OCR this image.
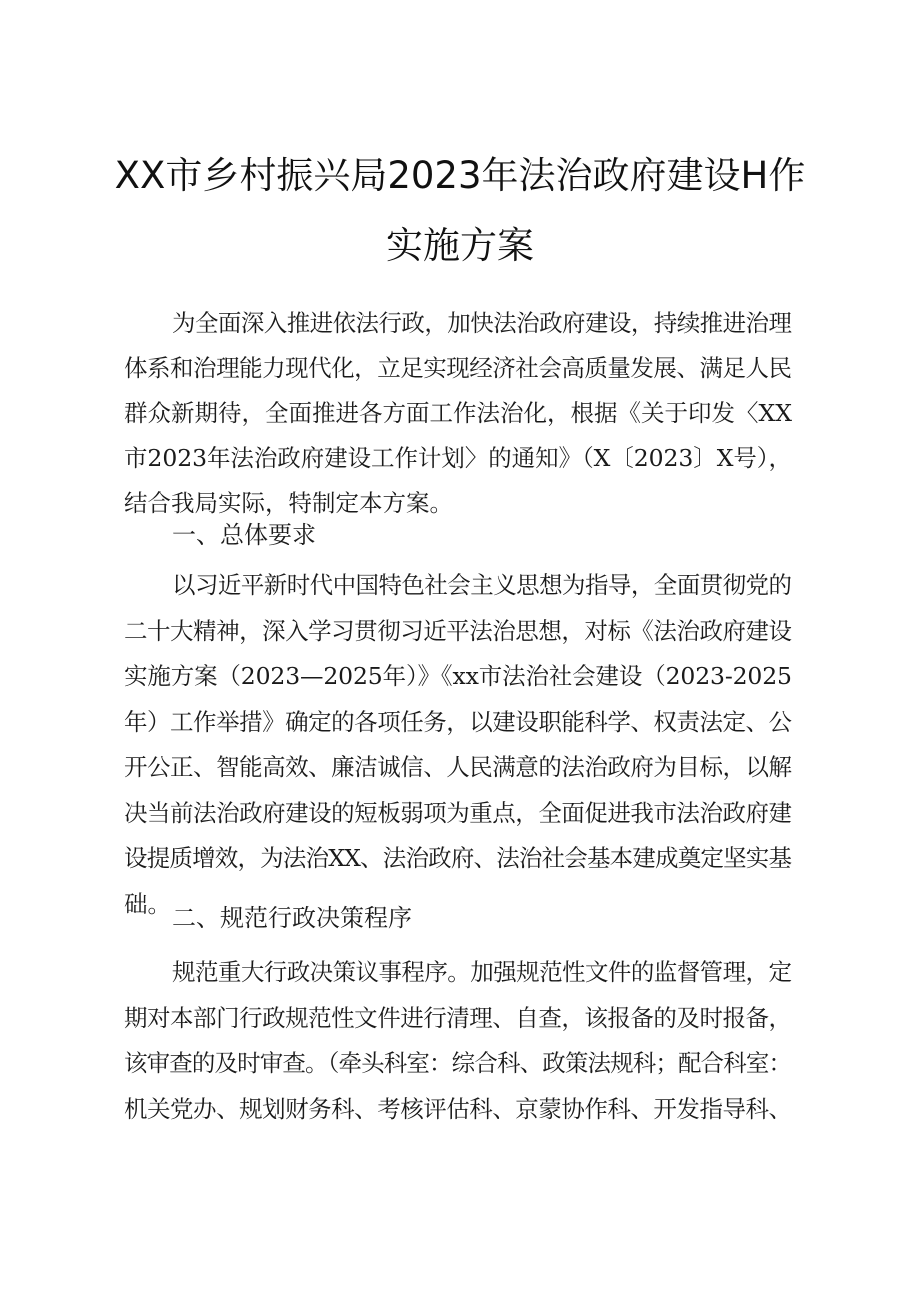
XX市乡村振兴局2023年法治政府建设H作
实施方案
为全面深入推进依法行政，加快法治政府建设，持续推进治理
体系和治理能力现代化，立足实现经济社会高质量发展、满足人民
群众新期待，全面推进各方面工作法治化，根据《关于印发〈XX
市2023年法治政府建设工作计划〉的通知》（X〔2023〕X号），
结合我局实际，特制定本方案。
一、总体要求
以习近平新时代中国特色社会主义思想为指导，全面贯彻党的
二十大精神，深入学习贯彻习近平法治思想，对标《法治政府建设
实施方案（2023—2025年）》《xx市法治社会建设（2023-2025
年）工作举措》确定的各项任务，以建设职能科学、权责法定、公
开公正、智能高效、廉洁诚信、人民满意的法治政府为目标，以解
决当前法治政府建设的短板弱项为重点，全面促进我市法治政府建
设提质增效，为法治XX、法治政府、法治社会基本建成奠定坚实基
础。 二、规范行政决策程序
规范重大行政决策议事程序。加强规范性文件的监督管理，定
期对本部门行政规范性文件进行清理、自查，该报备的及时报备，
该审查的及时审查。（牵头科室：综合科、政策法规科；配合科室：
机关党办、规划财务科、考核评估科、京蒙协作科、开发指导科、
